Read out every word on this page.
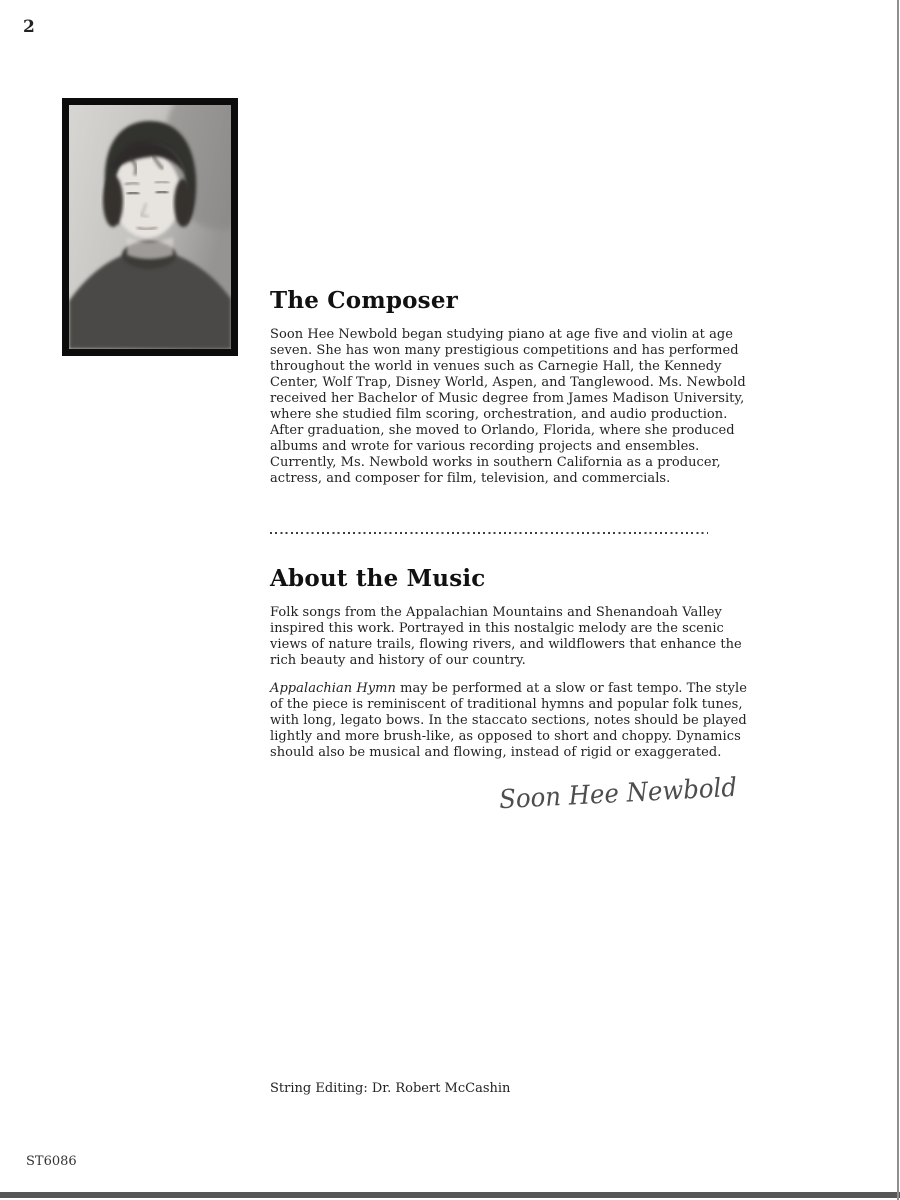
2
The Composer
Soon Hee Newbold began studying piano at age five and violin at age
seven. She has won many prestigious competitions and has performed
throughout the world in venues such as Carnegie Hall, the Kennedy
Center, Wolf Trap, Disney World, Aspen, and Tanglewood. Ms. Newbold
received her Bachelor of Music degree from James Madison University,
where she studied film scoring, orchestration, and audio production.
After graduation, she moved to Orlando, Florida, where she produced
albums and wrote for various recording projects and ensembles.
Currently, Ms. Newbold works in southern California as a producer,
actress, and composer for film, television, and commercials.
About the Music
Folk songs from the Appalachian Mountains and Shenandoah Valley
inspired this work. Portrayed in this nostalgic melody are the scenic
views of nature trails, flowing rivers, and wildflowers that enhance the
rich beauty and history of our country.
Appalachian Hymn may be performed at a slow or fast tempo. The style
of the piece is reminiscent of traditional hymns and popular folk tunes,
with long, legato bows. In the staccato sections, notes should be played
lightly and more brush-like, as opposed to short and choppy. Dynamics
should also be musical and flowing, instead of rigid or exaggerated.
Soon Hee Newbold
String Editing: Dr. Robert McCashin
ST6086
